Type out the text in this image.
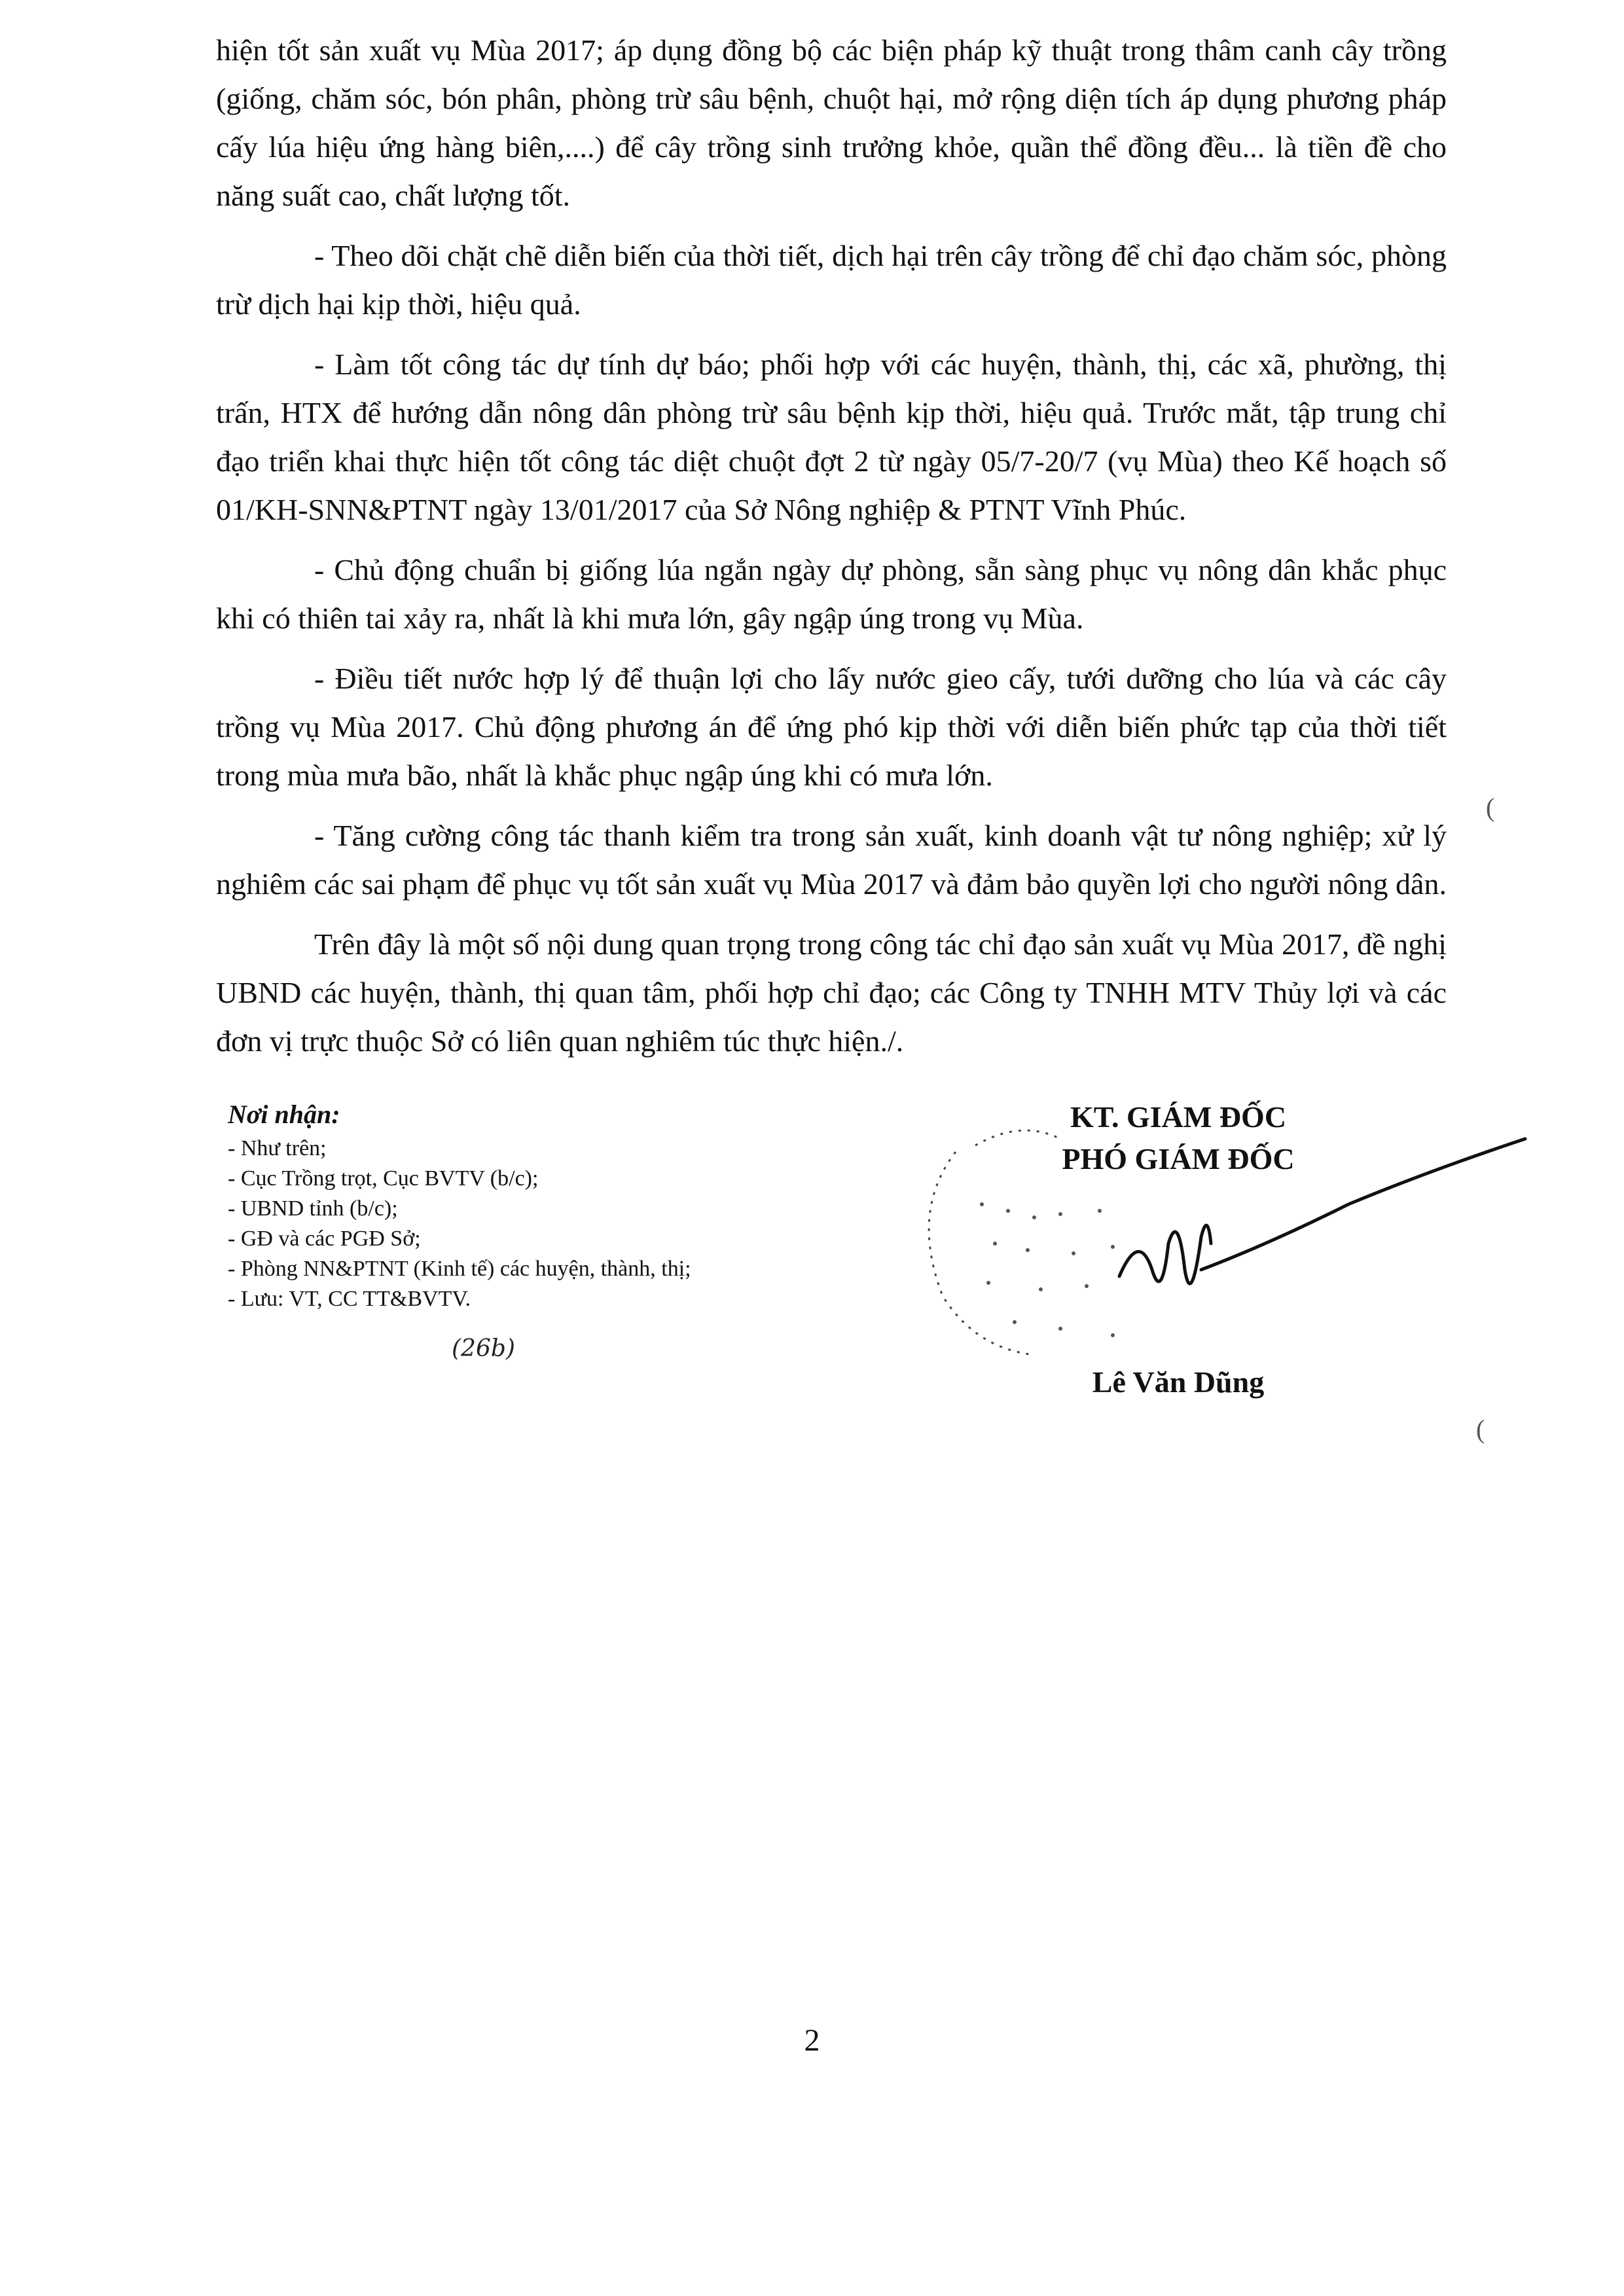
hiện tốt sản xuất vụ Mùa 2017; áp dụng đồng bộ các biện pháp kỹ thuật trong thâm canh cây trồng (giống, chăm sóc, bón phân, phòng trừ sâu bệnh, chuột hại, mở rộng diện tích áp dụng phương pháp cấy lúa hiệu ứng hàng biên,....) để cây trồng sinh trưởng khỏe, quần thể đồng đều... là tiền đề cho năng suất cao, chất lượng tốt.

- Theo dõi chặt chẽ diễn biến của thời tiết, dịch hại trên cây trồng để chỉ đạo chăm sóc, phòng trừ dịch hại kịp thời, hiệu quả.

- Làm tốt công tác dự tính dự báo; phối hợp với các huyện, thành, thị, các xã, phường, thị trấn, HTX để hướng dẫn nông dân phòng trừ sâu bệnh kịp thời, hiệu quả. Trước mắt, tập trung chỉ đạo triển khai thực hiện tốt công tác diệt chuột đợt 2 từ ngày 05/7-20/7 (vụ Mùa) theo Kế hoạch số 01/KH-SNN&PTNT ngày 13/01/2017 của Sở Nông nghiệp & PTNT Vĩnh Phúc.

- Chủ động chuẩn bị giống lúa ngắn ngày dự phòng, sẵn sàng phục vụ nông dân khắc phục khi có thiên tai xảy ra, nhất là khi mưa lớn, gây ngập úng trong vụ Mùa.

- Điều tiết nước hợp lý để thuận lợi cho lấy nước gieo cấy, tưới dưỡng cho lúa và các cây trồng vụ Mùa 2017. Chủ động phương án để ứng phó kịp thời với diễn biến phức tạp của thời tiết trong mùa mưa bão, nhất là khắc phục ngập úng khi có mưa lớn.

- Tăng cường công tác thanh kiểm tra trong sản xuất, kinh doanh vật tư nông nghiệp; xử lý nghiêm các sai phạm để phục vụ tốt sản xuất vụ Mùa 2017 và đảm bảo quyền lợi cho người nông dân.

Trên đây là một số nội dung quan trọng trong công tác chỉ đạo sản xuất vụ Mùa 2017, đề nghị UBND các huyện, thành, thị quan tâm, phối hợp chỉ đạo; các Công ty TNHH MTV Thủy lợi và các đơn vị trực thuộc Sở có liên quan nghiêm túc thực hiện./.

Nơi nhận:
- Như trên;
- Cục Trồng trọt, Cục BVTV (b/c);
- UBND tỉnh (b/c);
- GĐ và các PGĐ Sở;
- Phòng NN&PTNT (Kinh tế) các huyện, thành, thị;
- Lưu: VT, CC TT&BVTV.
(26b)
KT. GIÁM ĐỐC
PHÓ GIÁM ĐỐC
Lê Văn Dũng
(
(
2
